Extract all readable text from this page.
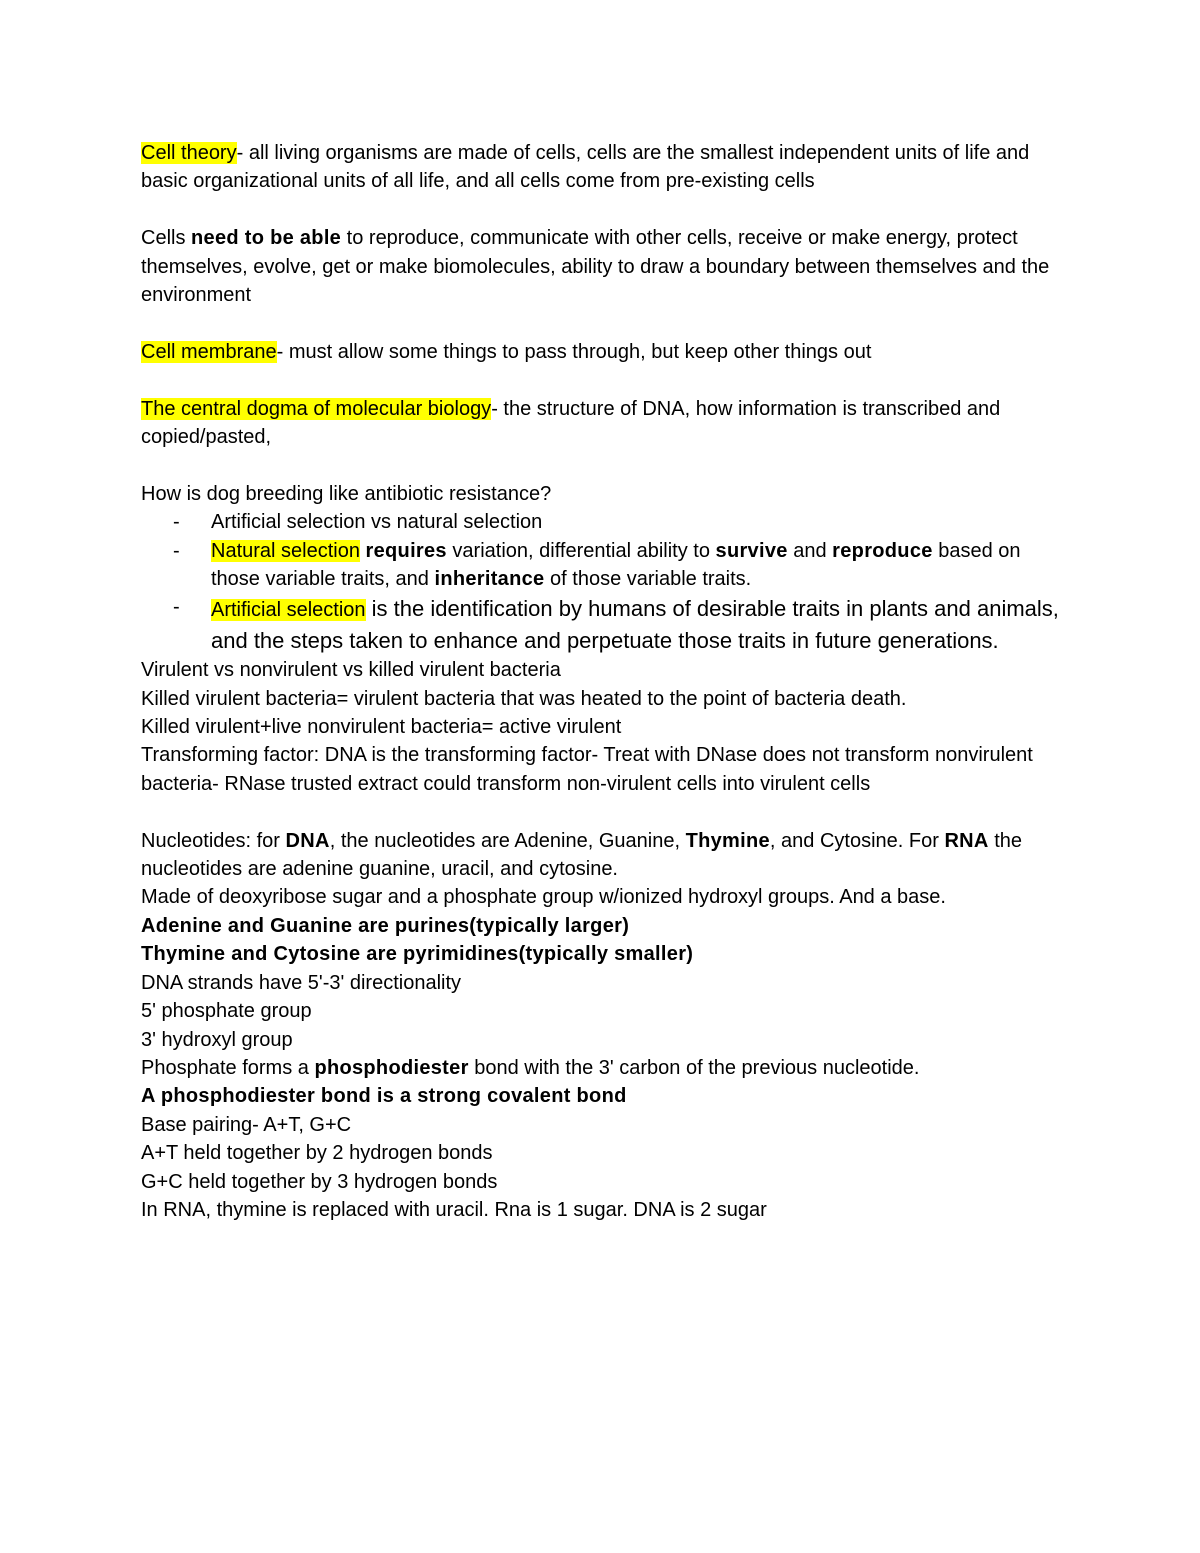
Cell theory- all living organisms are made of cells, cells are the smallest independent units of life and basic organizational units of all life, and all cells come from pre-existing cells

Cells need to be able to reproduce, communicate with other cells, receive or make energy, protect themselves, evolve, get or make biomolecules, ability to draw a boundary between themselves and the environment

Cell membrane- must allow some things to pass through, but keep other things out

The central dogma of molecular biology- the structure of DNA, how information is transcribed and copied/pasted,

How is dog breeding like antibiotic resistance?

- Artificial selection vs natural selection
- Natural selection requires variation, differential ability to survive and reproduce based on those variable traits, and inheritance of those variable traits.
- Artificial selection is the identification by humans of desirable traits in plants and animals, and the steps taken to enhance and perpetuate those traits in future generations.

Virulent vs nonvirulent vs killed virulent bacteria

Killed virulent bacteria= virulent bacteria that was heated to the point of bacteria death.

Killed virulent+live nonvirulent bacteria= active virulent

Transforming factor: DNA is the transforming factor- Treat with DNase does not transform nonvirulent bacteria- RNase trusted extract could transform non-virulent cells into virulent cells

Nucleotides: for DNA, the nucleotides are Adenine, Guanine, Thymine, and Cytosine. For RNA the nucleotides are adenine guanine, uracil, and cytosine.

Made of deoxyribose sugar and a phosphate group w/ionized hydroxyl groups. And a base.

Adenine and Guanine are purines(typically larger)

Thymine and Cytosine are pyrimidines(typically smaller)

DNA strands have 5'-3' directionality

5' phosphate group

3' hydroxyl group

Phosphate forms a phosphodiester bond with the 3' carbon of the previous nucleotide.

A phosphodiester bond is a strong covalent bond

Base pairing- A+T, G+C

A+T held together by 2 hydrogen bonds

G+C held together by 3 hydrogen bonds

In RNA, thymine is replaced with uracil. Rna is 1 sugar. DNA is 2 sugar
